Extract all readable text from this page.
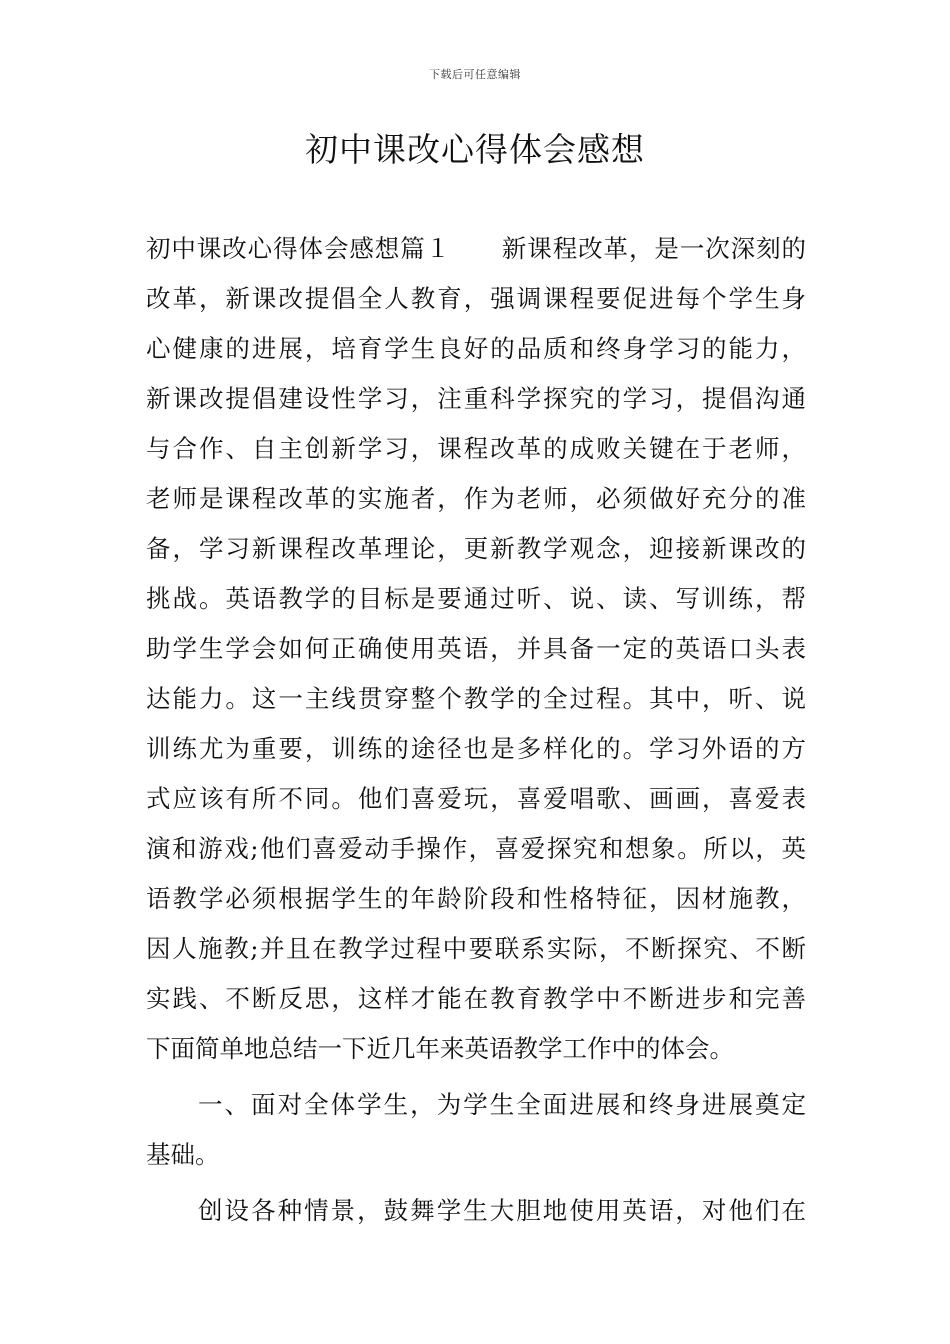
下载后可任意编辑
初中课改心得体会感想
初中课改心得体会感想篇１　　新课程改革，是一次深刻的
改革，新课改提倡全人教育，强调课程要促进每个学生身
心健康的进展，培育学生良好的品质和终身学习的能力，
新课改提倡建设性学习，注重科学探究的学习，提倡沟通
与合作、自主创新学习，课程改革的成败关键在于老师，
老师是课程改革的实施者，作为老师，必须做好充分的准
备，学习新课程改革理论，更新教学观念，迎接新课改的
挑战。英语教学的目标是要通过听、说、读、写训练，帮
助学生学会如何正确使用英语，并具备一定的英语口头表
达能力。这一主线贯穿整个教学的全过程。其中，听、说
训练尤为重要，训练的途径也是多样化的。学习外语的方
式应该有所不同。他们喜爱玩，喜爱唱歌、画画，喜爱表
演和游戏;他们喜爱动手操作，喜爱探究和想象。所以，英
语教学必须根据学生的年龄阶段和性格特征，因材施教，
因人施教;并且在教学过程中要联系实际，不断探究、不断
实践、不断反思，这样才能在教育教学中不断进步和完善
下面简单地总结一下近几年来英语教学工作中的体会。
一、面对全体学生，为学生全面进展和终身进展奠定
基础。
创设各种情景，鼓舞学生大胆地使用英语，对他们在
